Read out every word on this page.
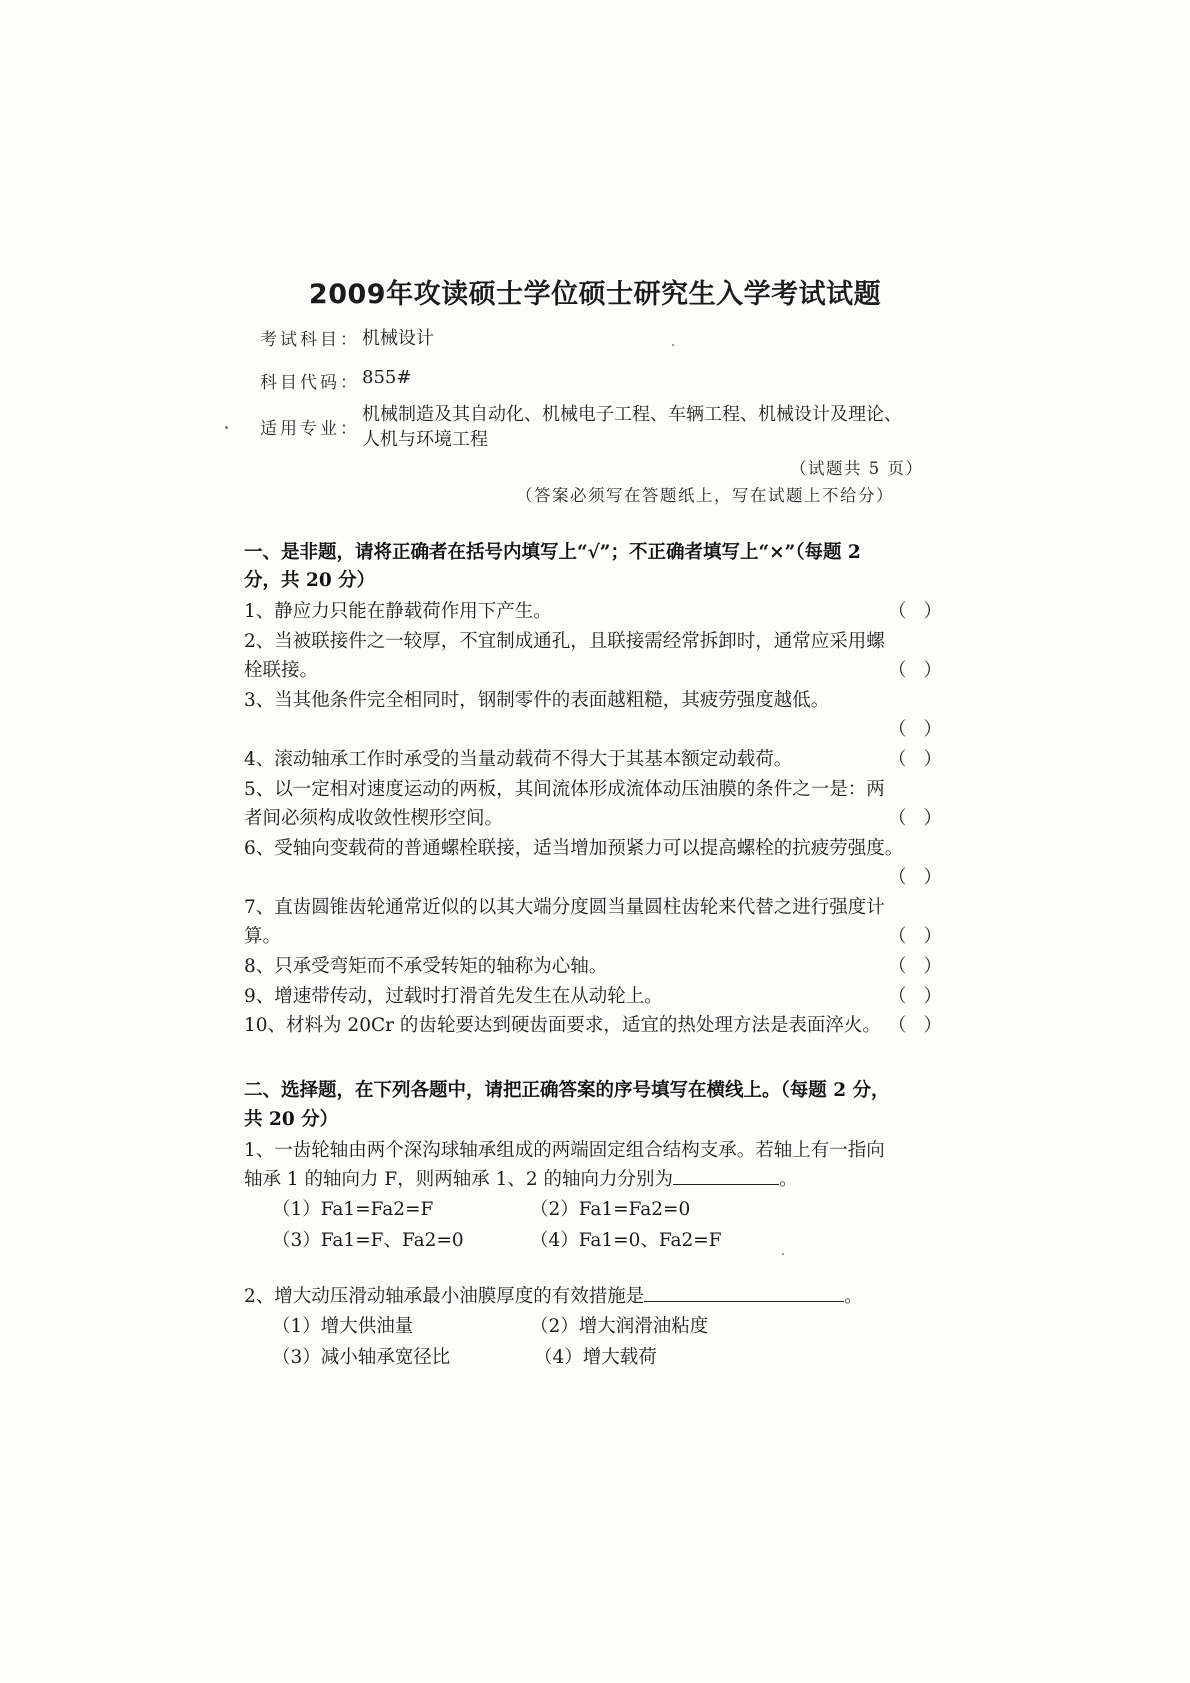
2009年攻读硕士学位硕士研究生入学考试试题
考试科目： 机械设计
科目代码： 855#
适用专业：
机械制造及其自动化、机械电子工程、车辆工程、机械设计及理论、
人机与环境工程
（试题共 5 页）
（答案必须写在答题纸上，写在试题上不给分）
一、是非题，请将正确者在括号内填写上“√”；不正确者填写上“×”（每题 2
分，共 20 分）
1、静应力只能在静载荷作用下产生。	（ ）
2、当被联接件之一较厚，不宜制成通孔，且联接需经常拆卸时，通常应采用螺
栓联接。	（ ）
3、当其他条件完全相同时，钢制零件的表面越粗糙，其疲劳强度越低。
（ ）
4、滚动轴承工作时承受的当量动载荷不得大于其基本额定动载荷。	（ ）
5、以一定相对速度运动的两板，其间流体形成流体动压油膜的条件之一是：两
者间必须构成收敛性楔形空间。	（ ）
6、受轴向变载荷的普通螺栓联接，适当增加预紧力可以提高螺栓的抗疲劳强度。
（ ）
7、直齿圆锥齿轮通常近似的以其大端分度圆当量圆柱齿轮来代替之进行强度计
算。	（ ）
8、只承受弯矩而不承受转矩的轴称为心轴。	（ ）
9、增速带传动，过载时打滑首先发生在从动轮上。	（ ）
10、材料为 20Cr 的齿轮要达到硬齿面要求，适宜的热处理方法是表面淬火。 （ ）
二、选择题，在下列各题中，请把正确答案的序号填写在横线上。（每题 2 分，
共 20 分）
1、一齿轮轴由两个深沟球轴承组成的两端固定组合结构支承。若轴上有一指向
轴承 1 的轴向力 F，则两轴承 1、2 的轴向力分别为	。
（1）Fa1=Fa2=F	（2）Fa1=Fa2=0
（3）Fa1=F、Fa2=0	（4）Fa1=0、Fa2=F
2、增大动压滑动轴承最小油膜厚度的有效措施是	。
（1）增大供油量	（2）增大润滑油粘度
（3）减小轴承宽径比	（4）增大载荷
